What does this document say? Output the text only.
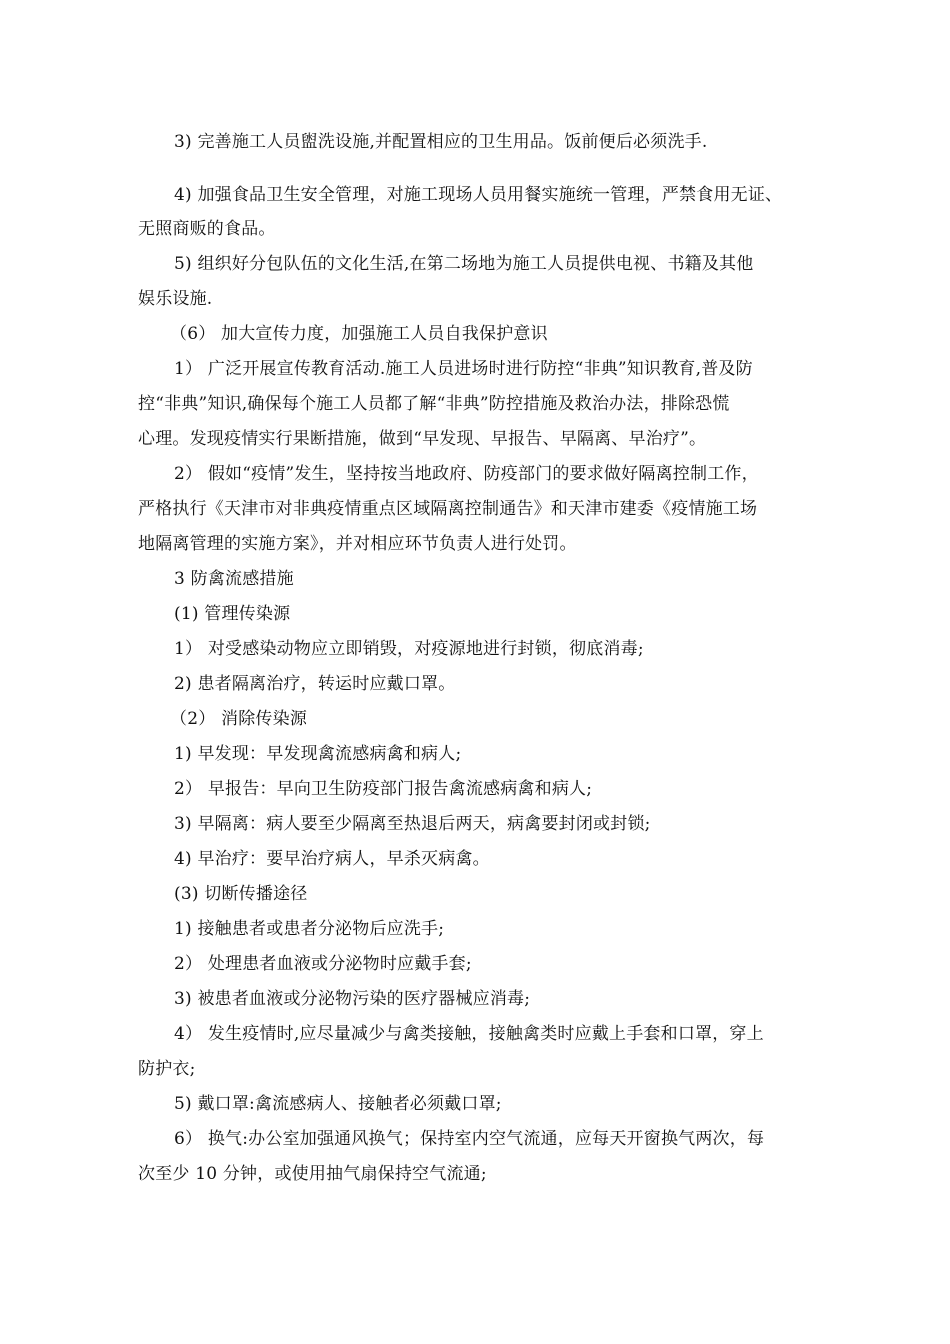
3) 完善施工人员盥洗设施,并配置相应的卫生用品。饭前便后必须洗手.
4) 加强食品卫生安全管理，对施工现场人员用餐实施统一管理，严禁食用无证、
无照商贩的食品。
5) 组织好分包队伍的文化生活,在第二场地为施工人员提供电视、书籍及其他
娱乐设施.
（6） 加大宣传力度，加强施工人员自我保护意识
1） 广泛开展宣传教育活动.施工人员进场时进行防控“非典”知识教育,普及防
控“非典”知识,确保每个施工人员都了解“非典”防控措施及救治办法，排除恐慌
心理。发现疫情实行果断措施，做到“早发现、早报告、早隔离、早治疗”。
2） 假如“疫情”发生，坚持按当地政府、防疫部门的要求做好隔离控制工作，
严格执行《天津市对非典疫情重点区域隔离控制通告》和天津市建委《疫情施工场
地隔离管理的实施方案》，并对相应环节负责人进行处罚。
3 防禽流感措施
(1) 管理传染源
1） 对受感染动物应立即销毁，对疫源地进行封锁，彻底消毒;
2) 患者隔离治疗，转运时应戴口罩。
（2） 消除传染源
1) 早发现：早发现禽流感病禽和病人;
2） 早报告：早向卫生防疫部门报告禽流感病禽和病人;
3) 早隔离：病人要至少隔离至热退后两天，病禽要封闭或封锁;
4) 早治疗：要早治疗病人，早杀灭病禽。
(3) 切断传播途径
1) 接触患者或患者分泌物后应洗手;
2） 处理患者血液或分泌物时应戴手套;
3) 被患者血液或分泌物污染的医疗器械应消毒;
4） 发生疫情时,应尽量减少与禽类接触，接触禽类时应戴上手套和口罩，穿上
防护衣;
5) 戴口罩:禽流感病人、接触者必须戴口罩;
6） 换气:办公室加强通风换气；保持室内空气流通，应每天开窗换气两次，每
次至少 10 分钟，或使用抽气扇保持空气流通;
